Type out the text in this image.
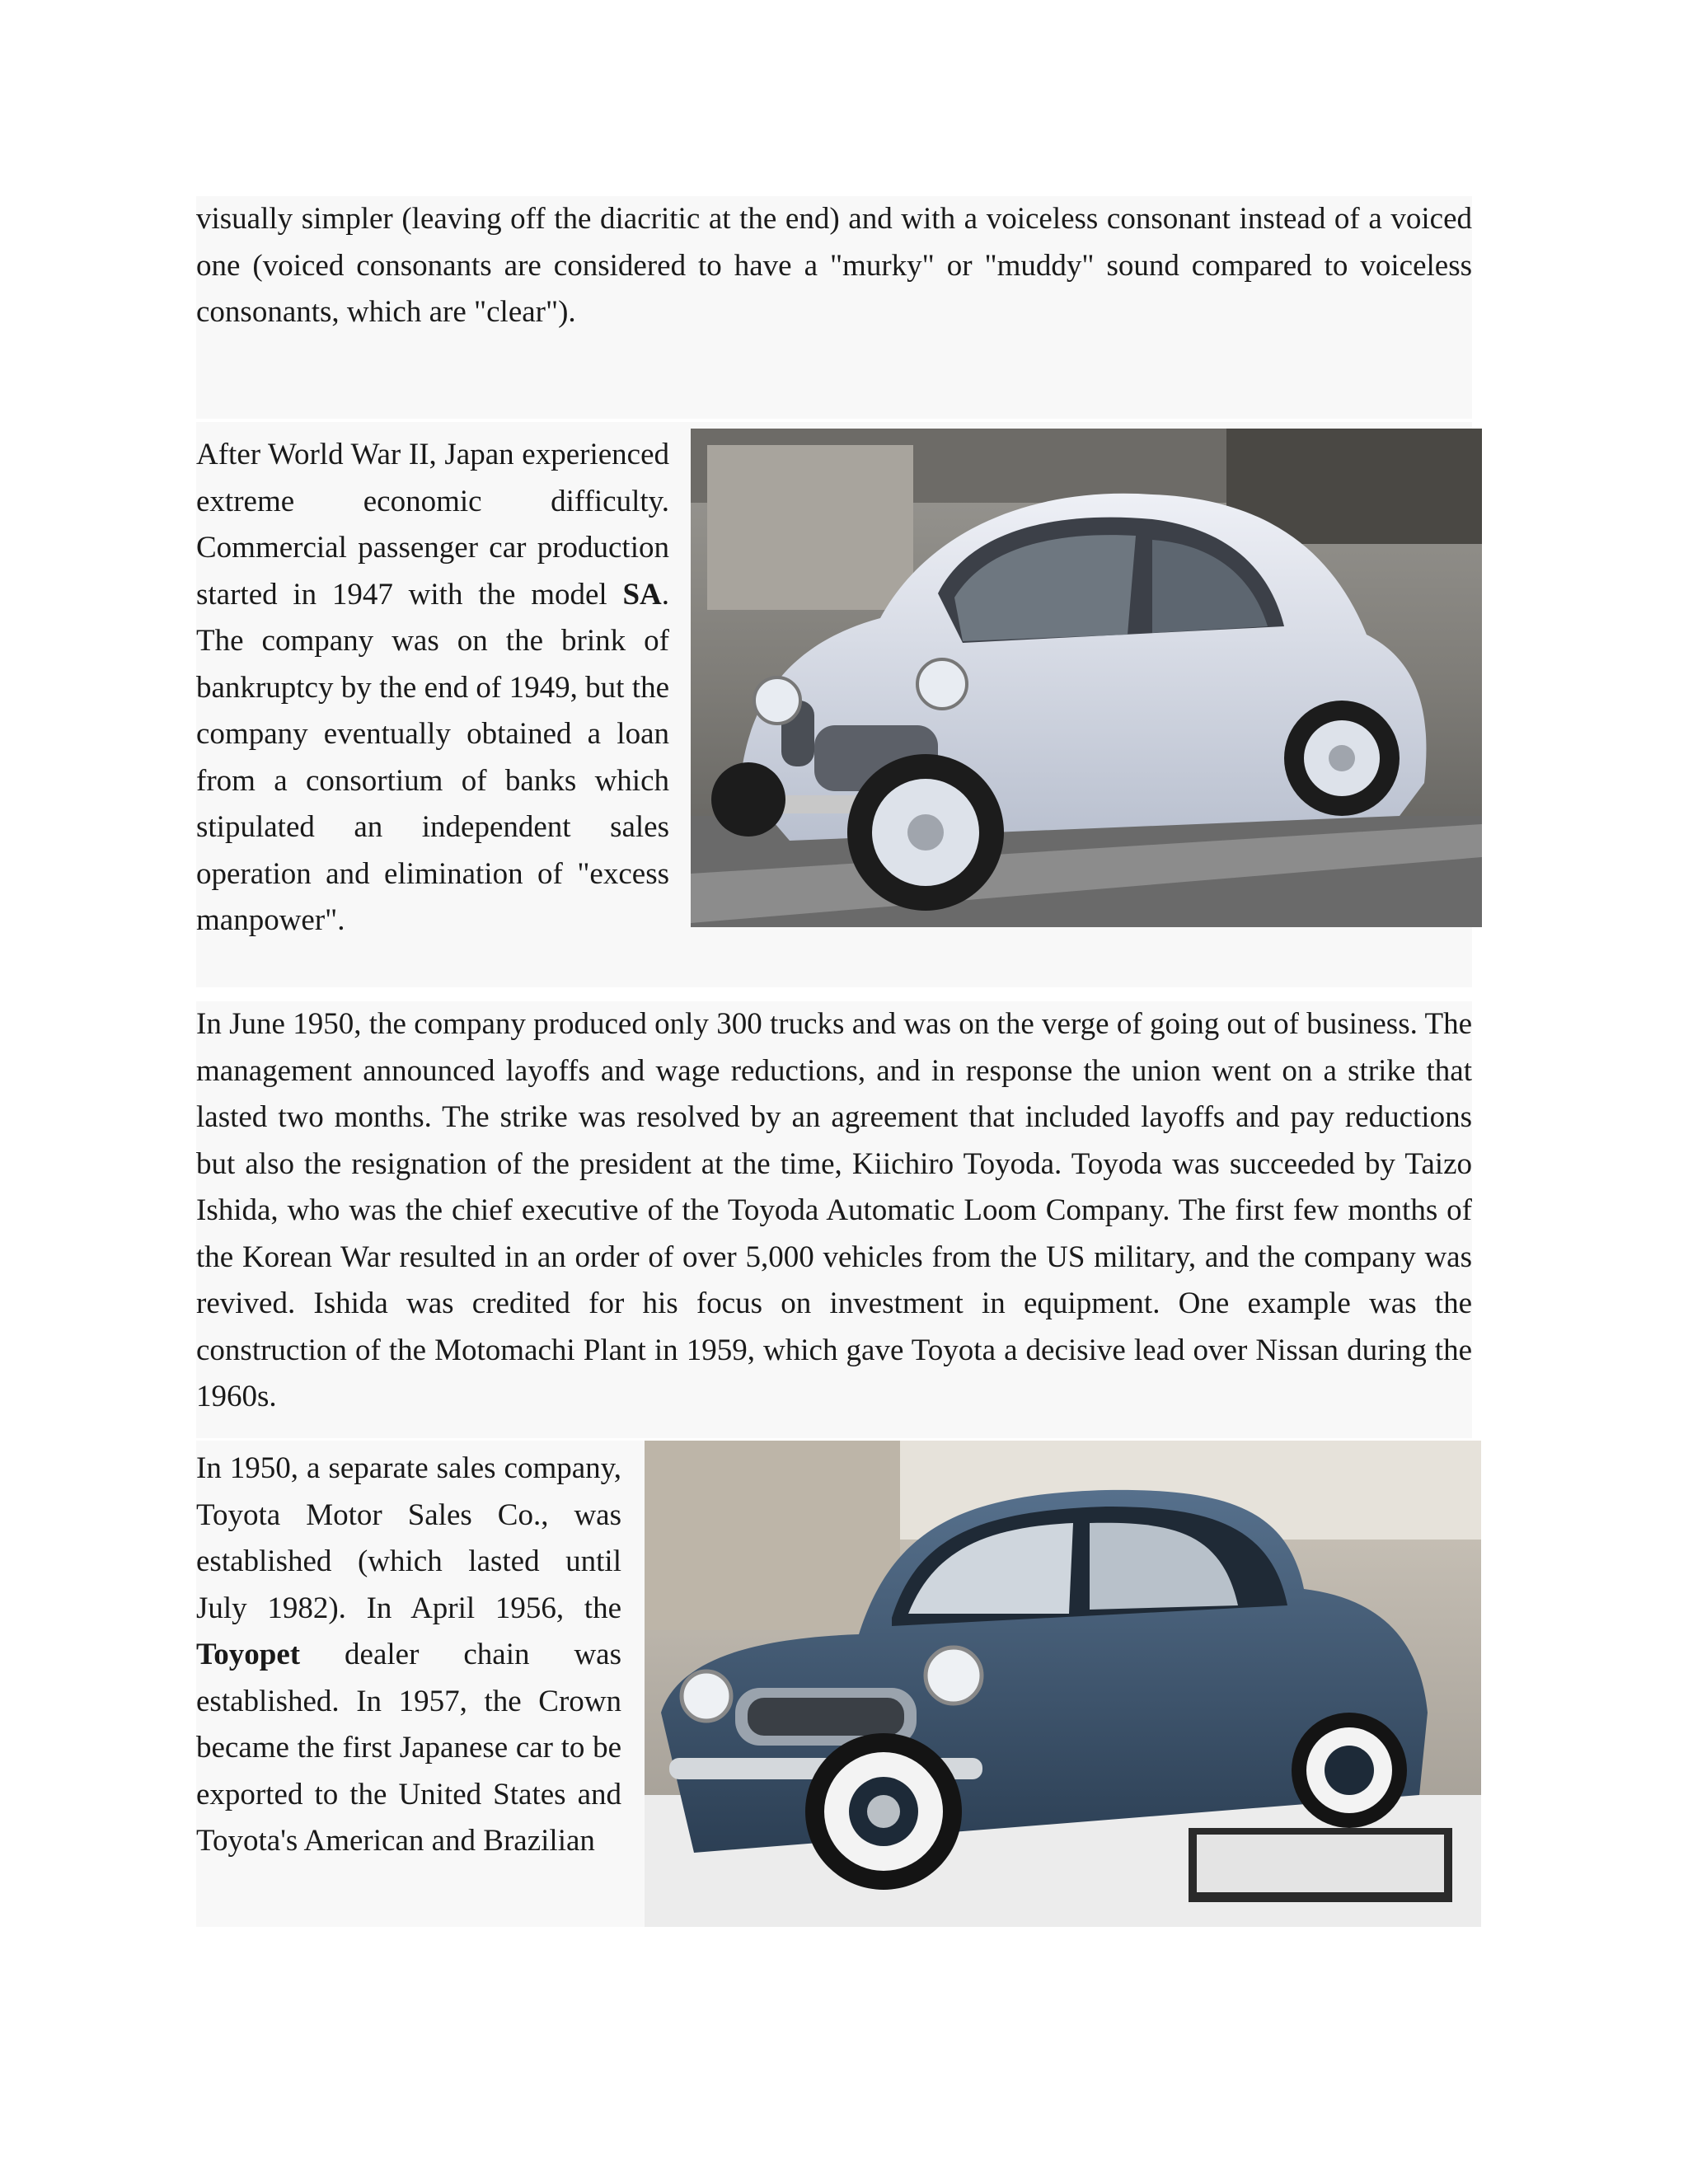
visually simpler (leaving off the diacritic at the end) and with a voiceless consonant instead of a voiced one (voiced consonants are considered to have a "murky" or "muddy" sound compared to voiceless consonants, which are "clear").

After World War II, Japan experienced extreme economic difficulty. Commercial passenger car production started in 1947 with the model SA. The company was on the brink of bankruptcy by the end of 1949, but the company eventually obtained a loan from a consortium of banks which stipulated an independent sales operation and elimination of "excess manpower".

In June 1950, the company produced only 300 trucks and was on the verge of going out of business. The management announced layoffs and wage reductions, and in response the union went on a strike that lasted two months. The strike was resolved by an agreement that included layoffs and pay reductions but also the resignation of the president at the time, Kiichiro Toyoda. Toyoda was succeeded by Taizo Ishida, who was the chief executive of the Toyoda Automatic Loom Company. The first few months of the Korean War resulted in an order of over 5,000 vehicles from the US military, and the company was revived. Ishida was credited for his focus on investment in equipment. One example was the construction of the Motomachi Plant in 1959, which gave Toyota a decisive lead over Nissan during the 1960s.

In 1950, a separate sales company, Toyota Motor Sales Co., was established (which lasted until July 1982). In April 1956, the Toyopet dealer chain was established. In 1957, the Crown became the first Japanese car to be exported to the United States and Toyota's American and Brazilian
